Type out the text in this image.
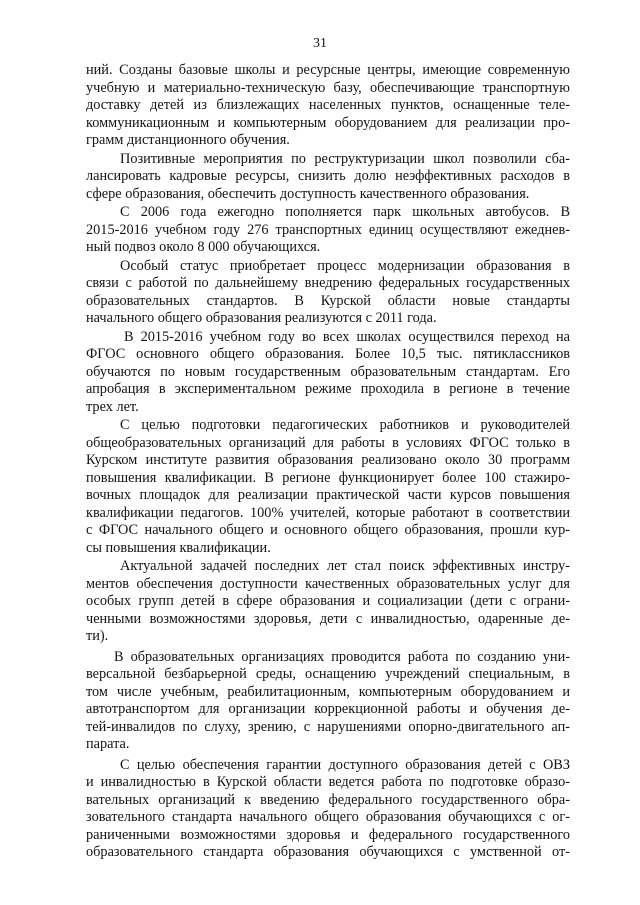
31
ний. Созданы базовые школы и ресурсные центры, имеющие современную
учебную и материально-техническую базу, обеспечивающие транспортную
доставку детей из близлежащих населенных пунктов, оснащенные теле-
коммуникационным и компьютерным оборудованием для реализации про-
грамм дистанционного обучения.
Позитивные мероприятия по реструктуризации школ позволили сба-
лансировать кадровые ресурсы, снизить долю неэффективных расходов в
сфере образования, обеспечить доступность качественного образования.
С 2006 года ежегодно пополняется парк школьных автобусов. В
2015-2016 учебном году 276 транспортных единиц осуществляют ежеднев-
ный подвоз около 8 000 обучающихся.
Особый статус приобретает процесс модернизации образования в
связи с работой по дальнейшему внедрению федеральных государственных
образовательных стандартов. В Курской области новые стандарты
начального общего образования реализуются с 2011 года.
В 2015-2016 учебном году во всех школах осуществился переход на
ФГОС основного общего образования. Более 10,5 тыс. пятиклассников
обучаются по новым государственным образовательным стандартам. Его
апробация в экспериментальном режиме проходила в регионе в течение
трех лет.
С целью подготовки педагогических работников и руководителей
общеобразовательных организаций для работы в условиях ФГОС только в
Курском институте развития образования реализовано около 30 программ
повышения квалификации. В регионе функционирует более 100 стажиро-
вочных площадок для реализации практической части курсов повышения
квалификации педагогов. 100% учителей, которые работают в соответствии
с ФГОС начального общего и основного общего образования, прошли кур-
сы повышения квалификации.
Актуальной задачей последних лет стал поиск эффективных инстру-
ментов обеспечения доступности качественных образовательных услуг для
особых групп детей в сфере образования и социализации (дети с ограни-
ченными возможностями здоровья, дети с инвалидностью, одаренные де-
ти).
В образовательных организациях проводится работа по созданию уни-
версальной безбарьерной среды, оснащению учреждений специальным, в
том числе учебным, реабилитационным, компьютерным оборудованием и
автотранспортом для организации коррекционной работы и обучения де-
тей-инвалидов по слуху, зрению, с нарушениями опорно-двигательного ап-
парата.
С целью обеспечения гарантии доступного образования детей с ОВЗ
и инвалидностью в Курской области ведется работа по подготовке образо-
вательных организаций к введению федерального государственного обра-
зовательного стандарта начального общего образования обучающихся с ог-
раниченными возможностями здоровья и федерального государственного
образовательного стандарта образования обучающихся с умственной от-
